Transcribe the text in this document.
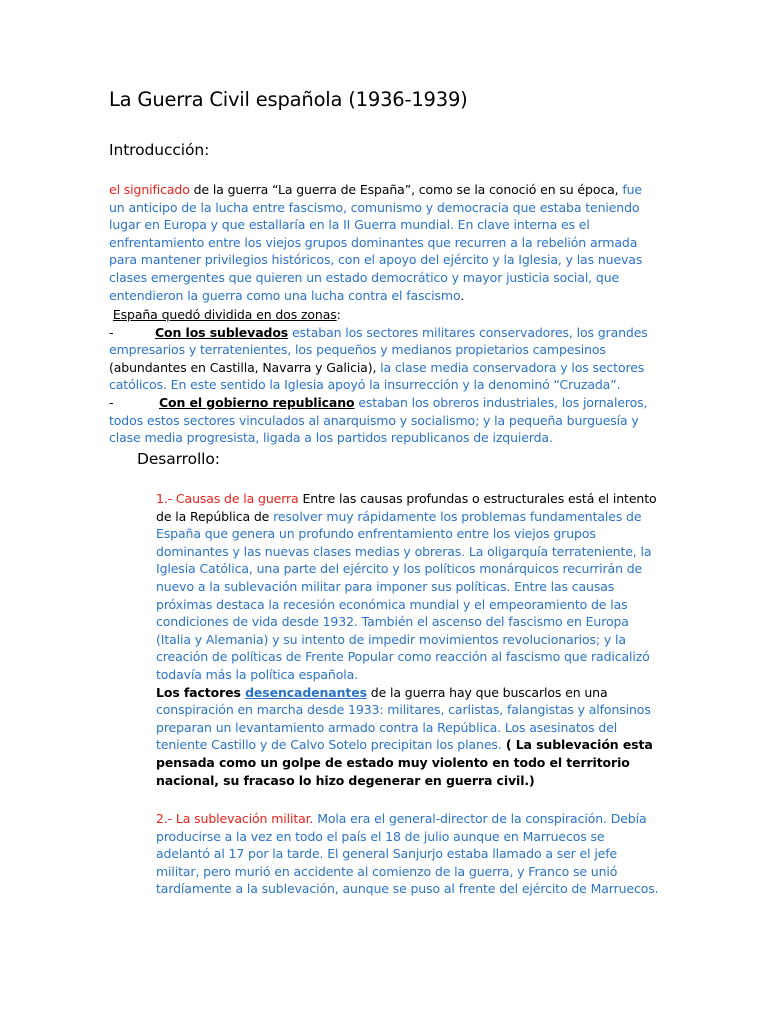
La Guerra Civil española (1936-1939)
Introducción:

el significado de la guerra “La guerra de España”, como se la conoció en su época, fue un anticipo de la lucha entre fascismo, comunismo y democracia que estaba teniendo lugar en Europa y que estallaría en la II Guerra mundial. En clave interna es el enfrentamiento entre los viejos grupos dominantes que recurren a la rebelión armada para mantener privilegios históricos, con el apoyo del ejército y la Iglesia, y las nuevas clases emergentes que quieren un estado democrático y mayor justicia social, que entendieron la guerra como una lucha contra el fascismo.

España quedó dividida en dos zonas:
-	Con los sublevados estaban los sectores militares conservadores, los grandes empresarios y terratenientes, los pequeños y medianos propietarios campesinos (abundantes en Castilla, Navarra y Galicia), la clase media conservadora y los sectores católicos. En este sentido la Iglesia apoyó la insurrección y la denominó “Cruzada”.
-	Con el gobierno republicano estaban los obreros industriales, los jornaleros, todos estos sectores vinculados al anarquismo y socialismo; y la pequeña burguesía y clase media progresista, ligada a los partidos republicanos de izquierda.
Desarrollo:
1.- Causas de la guerra Entre las causas profundas o estructurales está el intento de la República de resolver muy rápidamente los problemas fundamentales de España que genera un profundo enfrentamiento entre los viejos grupos dominantes y las nuevas clases medias y obreras. La oligarquía terrateniente, la Iglesia Católica, una parte del ejército y los políticos monárquicos recurrirán de nuevo a la sublevación militar para imponer sus políticas. Entre las causas próximas destaca la recesión económica mundial y el empeoramiento de las condiciones de vida desde 1932. También el ascenso del fascismo en Europa (Italia y Alemania) y su intento de impedir movimientos revolucionarios; y la creación de políticas de Frente Popular como reacción al fascismo que radicalizó todavía más la política española.
Los factores desencadenantes de la guerra hay que buscarlos en una conspiración en marcha desde 1933: militares, carlistas, falangistas y alfonsinos preparan un levantamiento armado contra la República. Los asesinatos del teniente Castillo y de Calvo Sotelo precipitan los planes. ( La sublevación esta pensada como un golpe de estado muy violento en todo el territorio nacional, su fracaso lo hizo degenerar en guerra civil.)

2.- La sublevación militar. Mola era el general-director de la conspiración. Debía producirse a la vez en todo el país el 18 de julio aunque en Marruecos se adelantó al 17 por la tarde. El general Sanjurjo estaba llamado a ser el jefe militar, pero murió en accidente al comienzo de la guerra, y Franco se unió tardíamente a la sublevación, aunque se puso al frente del ejército de Marruecos.
